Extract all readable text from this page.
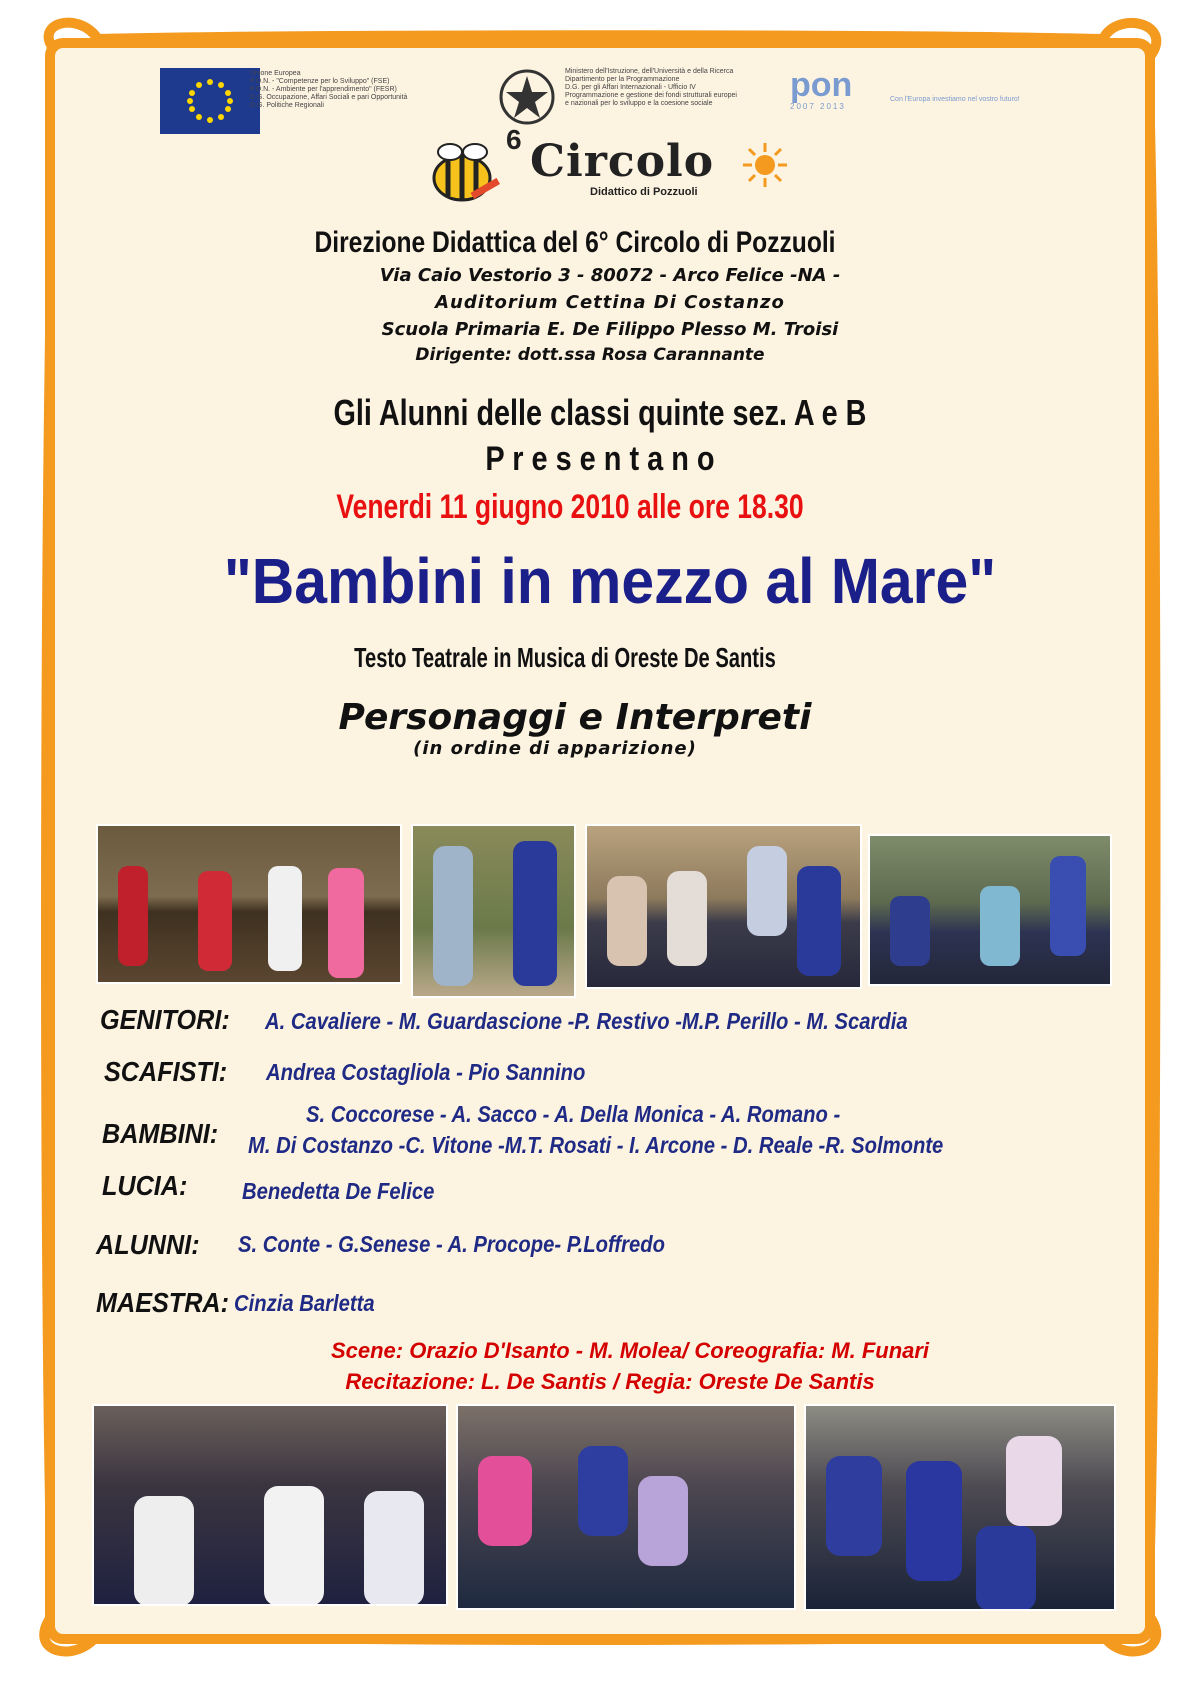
Unione Europea
P.O.N. - "Competenze per lo Sviluppo" (FSE)
P.O.N. - Ambiente per l'apprendimento" (FESR)
D.G. Occupazione, Affari Sociali e pari Opportunità
D.G. Politiche Regionali
Ministero dell'Istruzione, dell'Università e della Ricerca
Dipartimento per la Programmazione
D.G. per gli Affari Internazionali - Ufficio IV
Programmazione e gestione dei fondi strutturali europei
e nazionali per lo sviluppo e la coesione sociale	pon
2007 2013
Con l'Europa investiamo nel vostro futuro!
6 Circolo
Didattico di Pozzuoli
Direzione Didattica del 6° Circolo di Pozzuoli
Via Caio Vestorio 3 - 80072 - Arco Felice -NA -
Auditorium Cettina Di Costanzo
Scuola Primaria E. De Filippo Plesso M. Troisi
Dirigente: dott.ssa Rosa Carannante
Gli Alunni delle classi quinte sez. A e B
P r e s e n t a n o
Venerdi 11 giugno 2010 alle ore 18.30
"Bambini in mezzo al Mare"
Testo Teatrale in Musica di Oreste De Santis
Personaggi e Interpreti
(in ordine di apparizione)
GENITORI: A. Cavaliere - M. Guardascione -P. Restivo -M.P. Perillo - M. Scardia
SCAFISTI: Andrea Costagliola - Pio Sannino
S. Coccorese - A. Sacco - A. Della Monica - A. Romano -
BAMBINI: M. Di Costanzo -C. Vitone -M.T. Rosati - I. Arcone - D. Reale -R. Solmonte
LUCIA: Benedetta De Felice
ALUNNI: S. Conte - G.Senese - A. Procope- P.Loffredo
MAESTRA: Cinzia Barletta
Scene: Orazio D'Isanto - M. Molea/ Coreografia: M. Funari
Recitazione: L. De Santis / Regia: Oreste De Santis
